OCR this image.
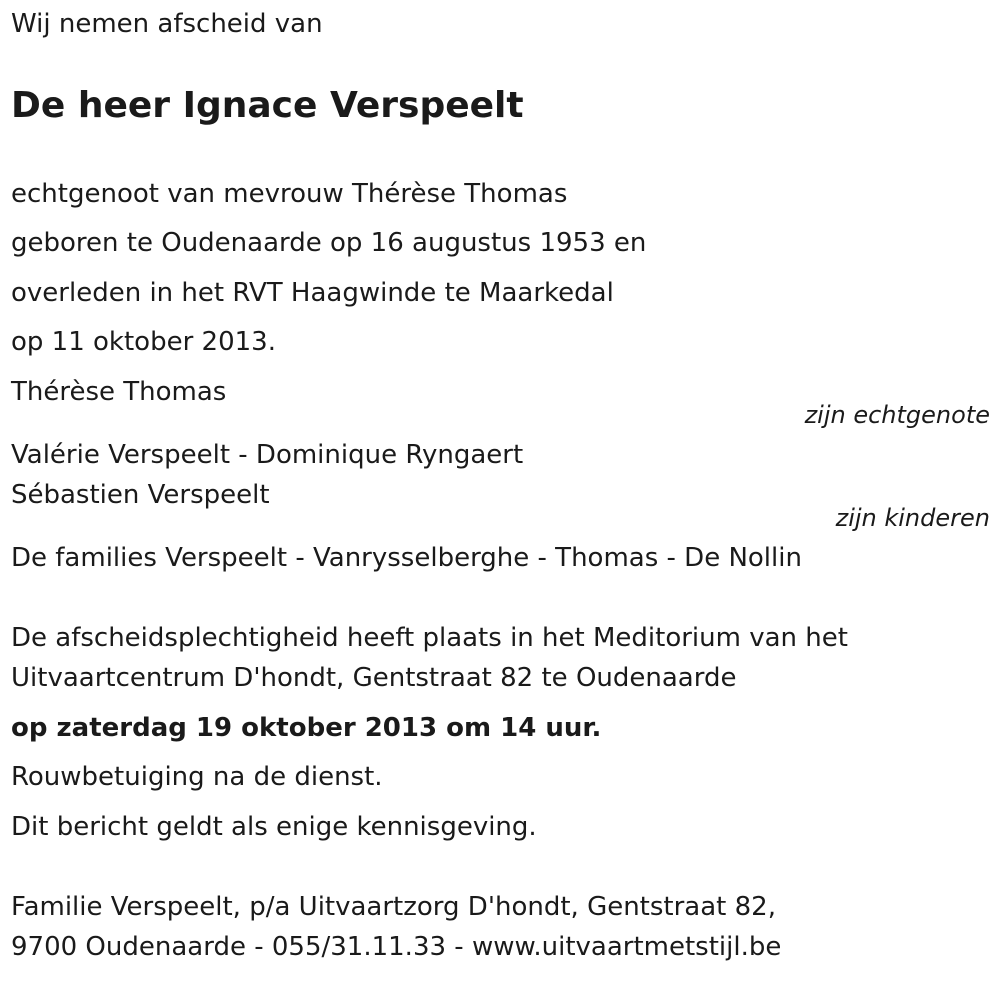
Wij nemen afscheid van
De heer Ignace Verspeelt
echtgenoot van mevrouw Thérèse Thomas
geboren te Oudenaarde op 16 augustus 1953 en
overleden in het RVT Haagwinde te Maarkedal
op 11 oktober 2013.
Thérèse Thomas
zijn echtgenote
Valérie Verspeelt - Dominique Ryngaert
Sébastien Verspeelt
zijn kinderen
De families Verspeelt - Vanrysselberghe - Thomas - De Nollin
De afscheidsplechtigheid heeft plaats in het Meditorium van het
Uitvaartcentrum D'hondt, Gentstraat 82 te Oudenaarde
op zaterdag 19 oktober 2013 om 14 uur.
Rouwbetuiging na de dienst.
Dit bericht geldt als enige kennisgeving.
Familie Verspeelt, p/a Uitvaartzorg D'hondt, Gentstraat 82,
9700 Oudenaarde - 055/31.11.33 - www.uitvaartmetstijl.be
